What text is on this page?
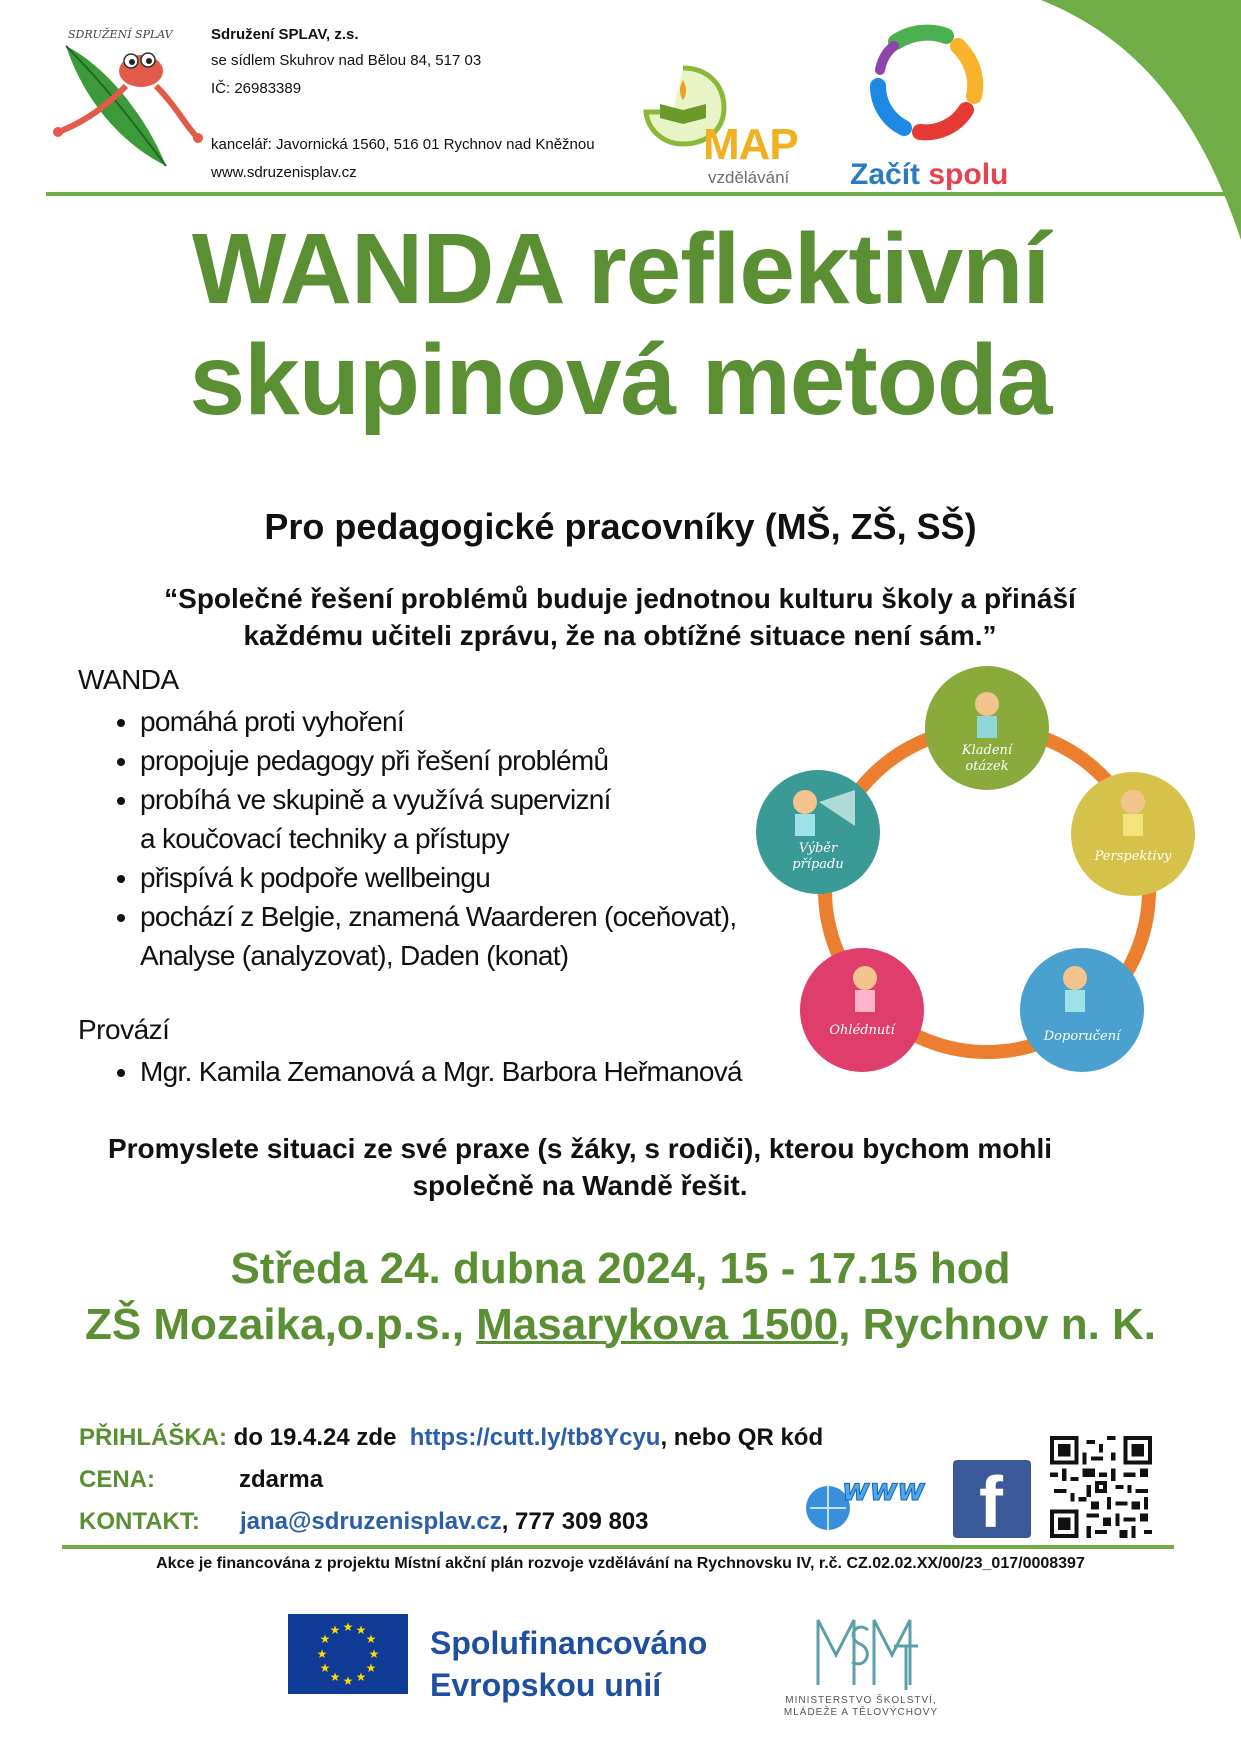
SDRUŽENÍ SPLAV	Sdružení SPLAV, z.s.
se sídlem Skuhrov nad Bělou 84, 517 03
IČ: 26983389
kancelář: Javornická 1560, 516 01 Rychnov nad Kněžnou
www.sdruzenisplav.cz
MAP
vzdělávání Začít spolu
WANDA reflektivní
skupinová metoda
Pro pedagogické pracovníky (MŠ, ZŠ, SŠ)
“Společné řešení problémů buduje jednotnou kulturu školy a přináší
každému učiteli zprávu, že na obtížné situace není sám.”
WANDA
• pomáhá proti vyhoření
• propojuje pedagogy při řešení problémů
• probíhá ve skupině a využívá supervizní
a koučovací techniky a přístupy
• přispívá k podpoře wellbeingu
• pochází z Belgie, znamená Waarderen (oceňovat),
Analyse (analyzovat), Daden (konat)
Provází
• Mgr. Kamila Zemanová a Mgr. Barbora Heřmanová
Kladení
otázek
Perspektivy
Doporučení
Ohlédnutí
Výběr
případu
Promyslete situaci ze své praxe (s žáky, s rodiči), kterou bychom mohli
společně na Wandě řešit.
Středa 24. dubna 2024, 15 - 17.15 hod
ZŠ Mozaika,o.p.s., Masarykova 1500, Rychnov n. K.
PŘIHLÁŠKA: do 19.4.24 zde https://cutt.ly/tb8Ycyu, nebo QR kód
CENA:	zdarma
KONTAKT: jana@sdruzenisplav.cz, 777 309 803
www f
Akce je financována z projektu Místní akční plán rozvoje vzdělávání na Rychnovsku IV, r.č. CZ.02.02.XX/00/23_017/0008397
★ ★
★
★
★
★
★
★
★
★
★
★	Spolufinancováno
Evropskou unií	MINISTERSTVO ŠKOLSTVÍ,
MLÁDEŽE A TĚLOVÝCHOVY
